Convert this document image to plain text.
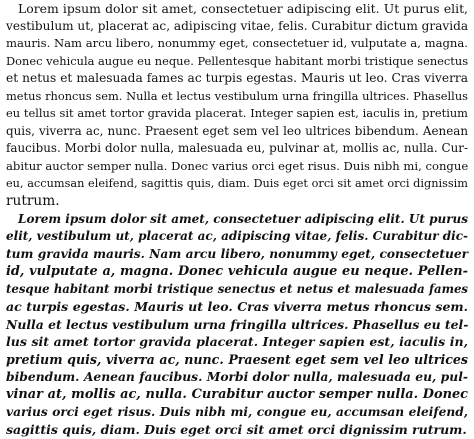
Lorem ipsum dolor sit amet, consectetuer adipiscing elit. Ut purus elit,
vestibulum ut, placerat ac, adipiscing vitae, felis. Curabitur dictum gravida
mauris. Nam arcu libero, nonummy eget, consectetuer id, vulputate a, magna.
Donec vehicula augue eu neque. Pellentesque habitant morbi tristique senectus
et netus et malesuada fames ac turpis egestas. Mauris ut leo. Cras viverra
metus rhoncus sem. Nulla et lectus vestibulum urna fringilla ultrices. Phasellus
eu tellus sit amet tortor gravida placerat. Integer sapien est, iaculis in, pretium
quis, viverra ac, nunc. Praesent eget sem vel leo ultrices bibendum. Aenean
faucibus. Morbi dolor nulla, malesuada eu, pulvinar at, mollis ac, nulla. Cur-
abitur auctor semper nulla. Donec varius orci eget risus. Duis nibh mi, congue
eu, accumsan eleifend, sagittis quis, diam. Duis eget orci sit amet orci dignissim
rutrum.
Lorem ipsum dolor sit amet, consectetuer adipiscing elit. Ut purus
elit, vestibulum ut, placerat ac, adipiscing vitae, felis. Curabitur dic-
tum gravida mauris. Nam arcu libero, nonummy eget, consectetuer
id, vulputate a, magna. Donec vehicula augue eu neque. Pellen-
tesque habitant morbi tristique senectus et netus et malesuada fames
ac turpis egestas. Mauris ut leo. Cras viverra metus rhoncus sem.
Nulla et lectus vestibulum urna fringilla ultrices. Phasellus eu tel-
lus sit amet tortor gravida placerat. Integer sapien est, iaculis in,
pretium quis, viverra ac, nunc. Praesent eget sem vel leo ultrices
bibendum. Aenean faucibus. Morbi dolor nulla, malesuada eu, pul-
vinar at, mollis ac, nulla. Curabitur auctor semper nulla. Donec
varius orci eget risus. Duis nibh mi, congue eu, accumsan eleifend,
sagittis quis, diam. Duis eget orci sit amet orci dignissim rutrum.
